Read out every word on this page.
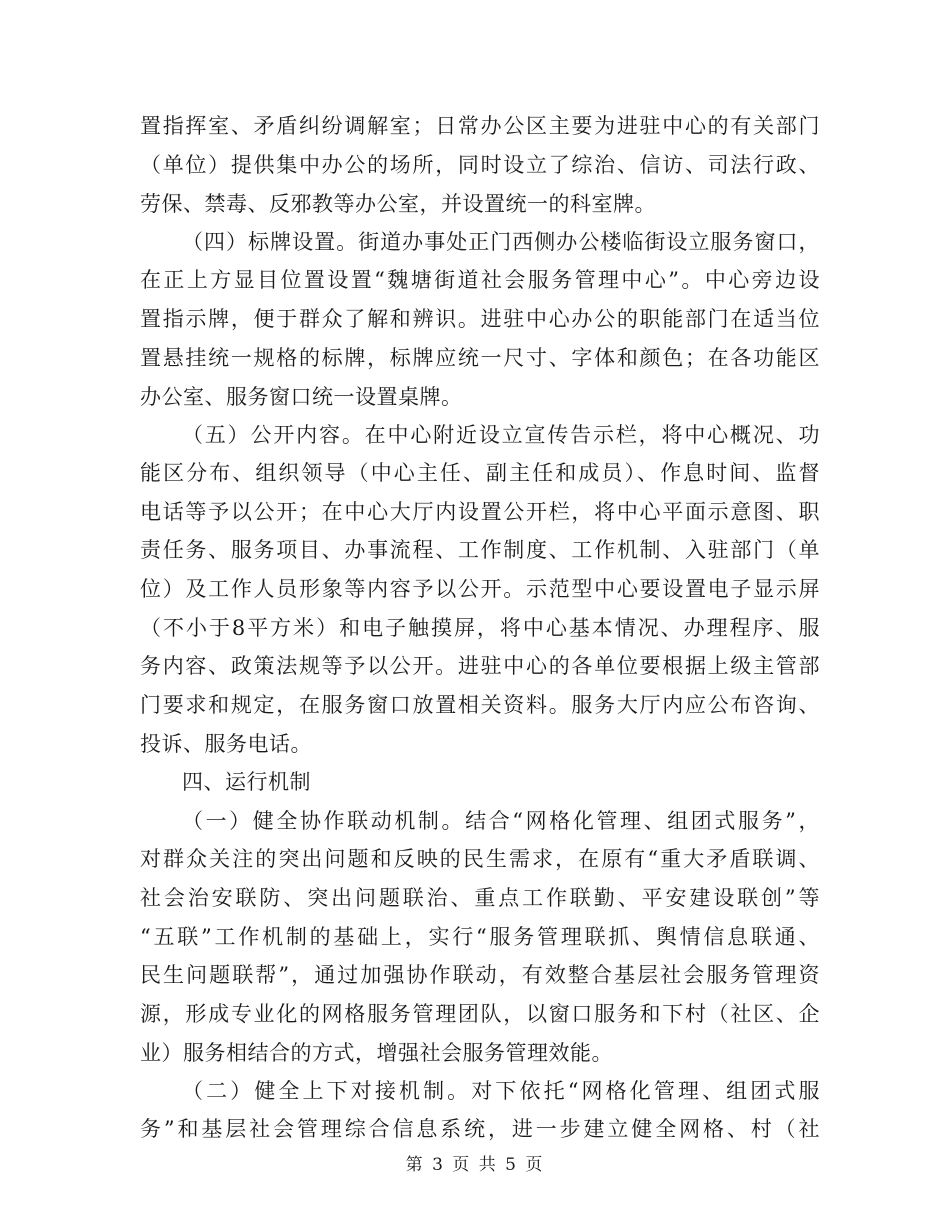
置指挥室、矛盾纠纷调解室；日常办公区主要为进驻中心的有关部门
（单位）提供集中办公的场所，同时设立了综治、信访、司法行政、
劳保、禁毒、反邪教等办公室，并设置统一的科室牌。
（四）标牌设置。街道办事处正门西侧办公楼临街设立服务窗口，
在正上方显目位置设置“魏塘街道社会服务管理中心”。中心旁边设
置指示牌，便于群众了解和辨识。进驻中心办公的职能部门在适当位
置悬挂统一规格的标牌，标牌应统一尺寸、字体和颜色；在各功能区
办公室、服务窗口统一设置桌牌。
（五）公开内容。在中心附近设立宣传告示栏，将中心概况、功
能区分布、组织领导（中心主任、副主任和成员）、作息时间、监督
电话等予以公开；在中心大厅内设置公开栏，将中心平面示意图、职
责任务、服务项目、办事流程、工作制度、工作机制、入驻部门（单
位）及工作人员形象等内容予以公开。示范型中心要设置电子显示屏
（不小于8平方米）和电子触摸屏，将中心基本情况、办理程序、服
务内容、政策法规等予以公开。进驻中心的各单位要根据上级主管部
门要求和规定，在服务窗口放置相关资料。服务大厅内应公布咨询、
投诉、服务电话。
四、运行机制
（一）健全协作联动机制。结合“网格化管理、组团式服务”，
对群众关注的突出问题和反映的民生需求，在原有“重大矛盾联调、
社会治安联防、突出问题联治、重点工作联勤、平安建设联创”等
“五联”工作机制的基础上，实行“服务管理联抓、舆情信息联通、
民生问题联帮”，通过加强协作联动，有效整合基层社会服务管理资
源，形成专业化的网格服务管理团队，以窗口服务和下村（社区、企
业）服务相结合的方式，增强社会服务管理效能。
（二）健全上下对接机制。对下依托“网格化管理、组团式服
务”和基层社会管理综合信息系统，进一步建立健全网格、村（社
第 3 页 共 5 页
